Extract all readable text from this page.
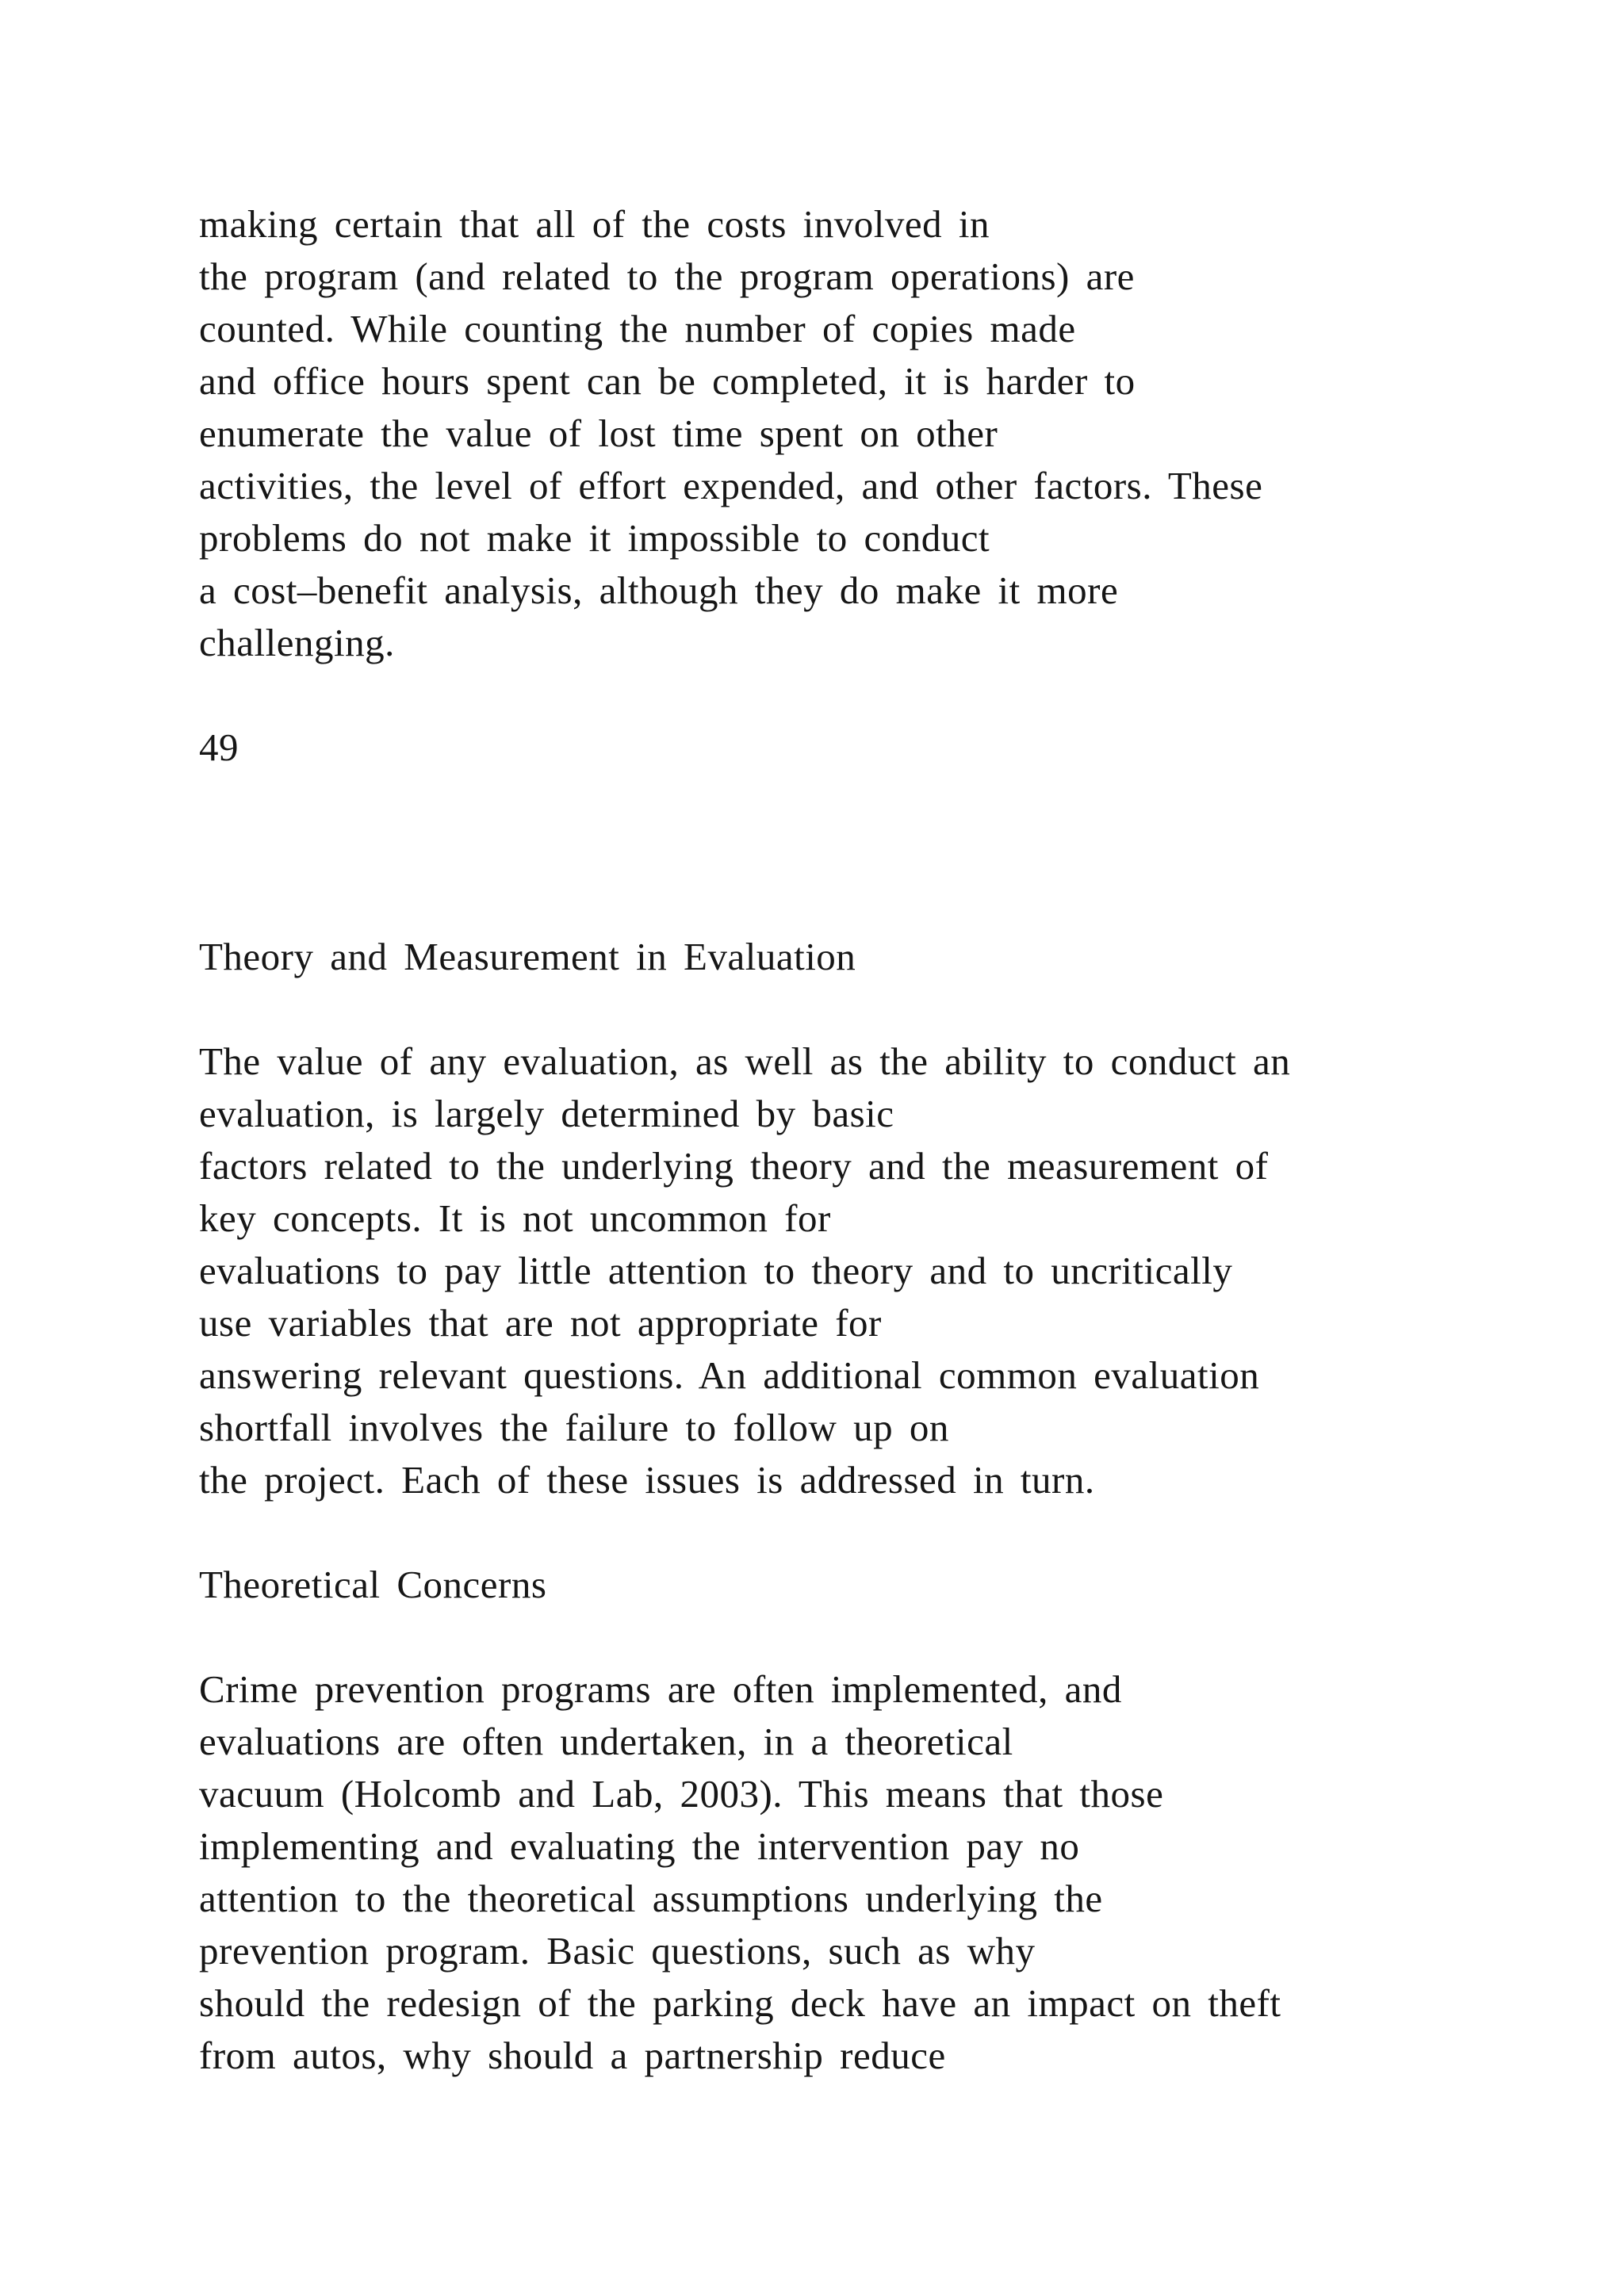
making certain that all of the costs involved in
the program (and related to the program operations) are
counted. While counting the number of copies made
and office hours spent can be completed, it is harder to
enumerate the value of lost time spent on other
activities, the level of effort expended, and other factors. These
problems do not make it impossible to conduct
a cost–benefit analysis, although they do make it more
challenging.
49
Theory and Measurement in Evaluation
The value of any evaluation, as well as the ability to conduct an
evaluation, is largely determined by basic
factors related to the underlying theory and the measurement of
key concepts. It is not uncommon for
evaluations to pay little attention to theory and to uncritically
use variables that are not appropriate for
answering relevant questions. An additional common evaluation
shortfall involves the failure to follow up on
the project. Each of these issues is addressed in turn.
Theoretical Concerns
Crime prevention programs are often implemented, and
evaluations are often undertaken, in a theoretical
vacuum (Holcomb and Lab, 2003). This means that those
implementing and evaluating the intervention pay no
attention to the theoretical assumptions underlying the
prevention program. Basic questions, such as why
should the redesign of the parking deck have an impact on theft
from autos, why should a partnership reduce
